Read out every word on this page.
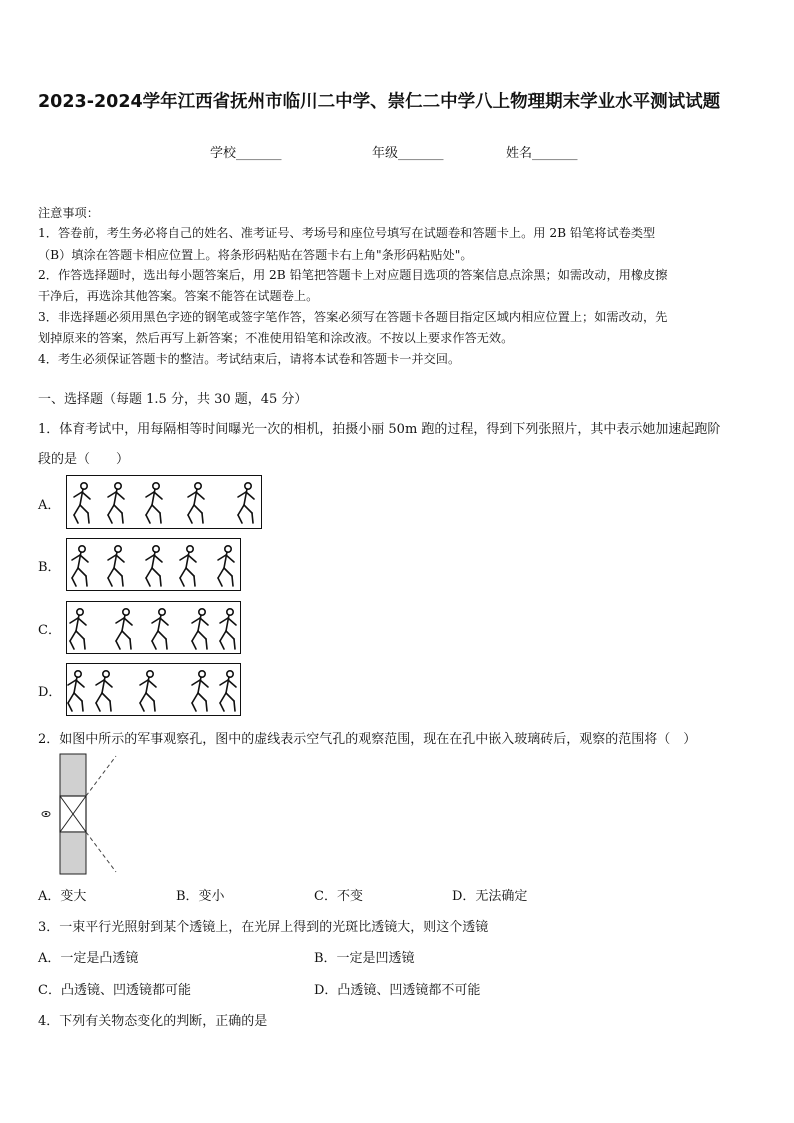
2023-2024学年江西省抚州市临川二中学、崇仁二中学八上物理期末学业水平测试试题
学校_______	年级_______	姓名_______
注意事项：
1．答卷前，考生务必将自己的姓名、准考证号、考场号和座位号填写在试题卷和答题卡上。用 2B 铅笔将试卷类型
（B）填涂在答题卡相应位置上。将条形码粘贴在答题卡右上角"条形码粘贴处"。
2．作答选择题时，选出每小题答案后，用 2B 铅笔把答题卡上对应题目选项的答案信息点涂黑；如需改动，用橡皮擦
干净后，再选涂其他答案。答案不能答在试题卷上。
3．非选择题必须用黑色字迹的钢笔或签字笔作答，答案必须写在答题卡各题目指定区域内相应位置上；如需改动，先
划掉原来的答案，然后再写上新答案；不准使用铅笔和涂改液。不按以上要求作答无效。
4．考生必须保证答题卡的整洁。考试结束后，请将本试卷和答题卡一并交回。
一、选择题（每题 1.5 分，共 30 题，45 分）
1．体育考试中，用每隔相等时间曝光一次的相机，拍摄小丽 50m 跑的过程，得到下列张照片，其中表示她加速起跑阶
段的是（　　）
A．
B．
C．
D．
2．如图中所示的军事观察孔，图中的虚线表示空气孔的观察范围，现在在孔中嵌入玻璃砖后，观察的范围将（　）
A．变大	B．变小	C．不变	D．无法确定
3．一束平行光照射到某个透镜上，在光屏上得到的光斑比透镜大，则这个透镜
A．一定是凸透镜	B．一定是凹透镜
C．凸透镜、凹透镜都可能	D．凸透镜、凹透镜都不可能
4．下列有关物态变化的判断，正确的是
